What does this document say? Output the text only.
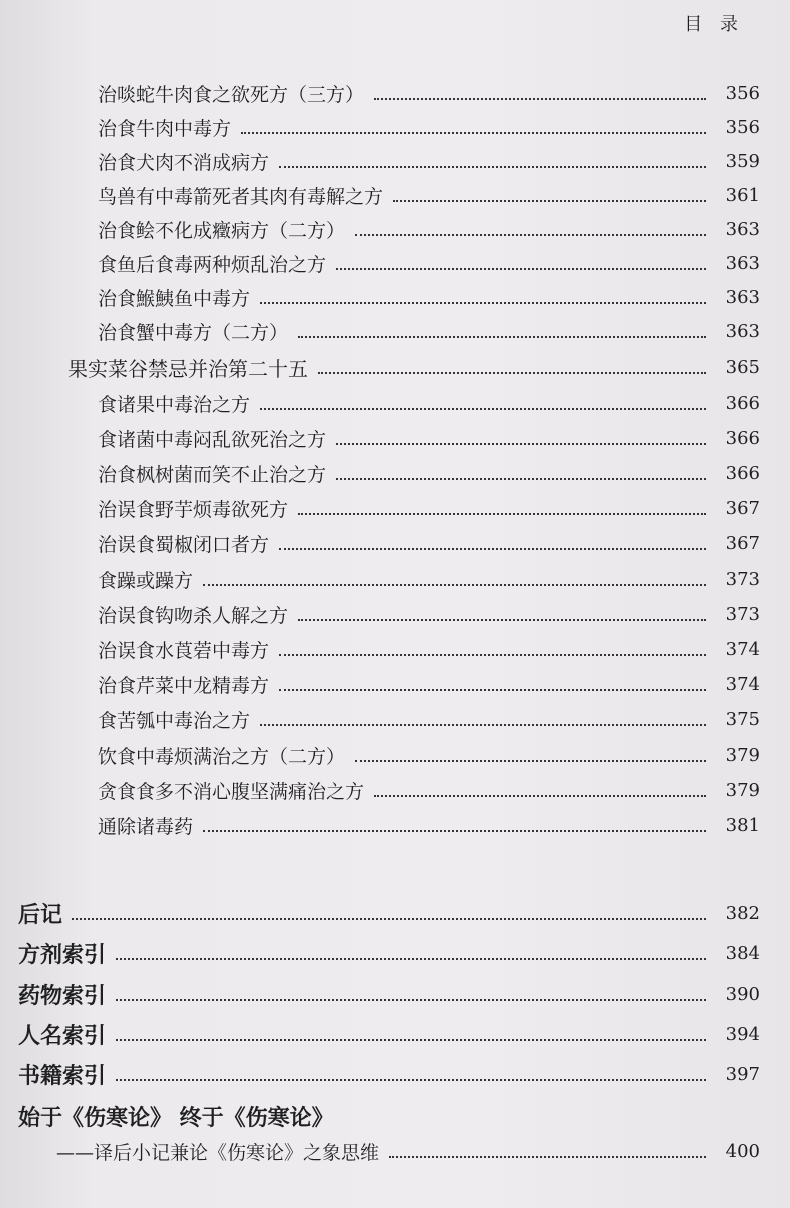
目 录
治啖蛇牛肉食之欲死方（三方）	356
治食牛肉中毒方	356
治食犬肉不消成病方	359
鸟兽有中毒箭死者其肉有毒解之方	361
治食鲙不化成癥病方（二方）	363
食鱼后食毒两种烦乱治之方	363
治食鯸鮧鱼中毒方	363
治食蟹中毒方（二方）	363
果实菜谷禁忌并治第二十五	365
食诸果中毒治之方	366
食诸菌中毒闷乱欲死治之方	366
治食枫树菌而笑不止治之方	366
治误食野芋烦毒欲死方	367
治误食蜀椒闭口者方	367
食躁或躁方	373
治误食钩吻杀人解之方	373
治误食水莨菪中毒方	374
治食芹菜中龙精毒方	374
食苦瓠中毒治之方	375
饮食中毒烦满治之方（二方）	379
贪食食多不消心腹坚满痛治之方	379
通除诸毒药	381
后记	382
方剂索引	384
药物索引	390
人名索引	394
书籍索引	397
始于《伤寒论》 终于《伤寒论》
——译后小记兼论《伤寒论》之象思维	400
